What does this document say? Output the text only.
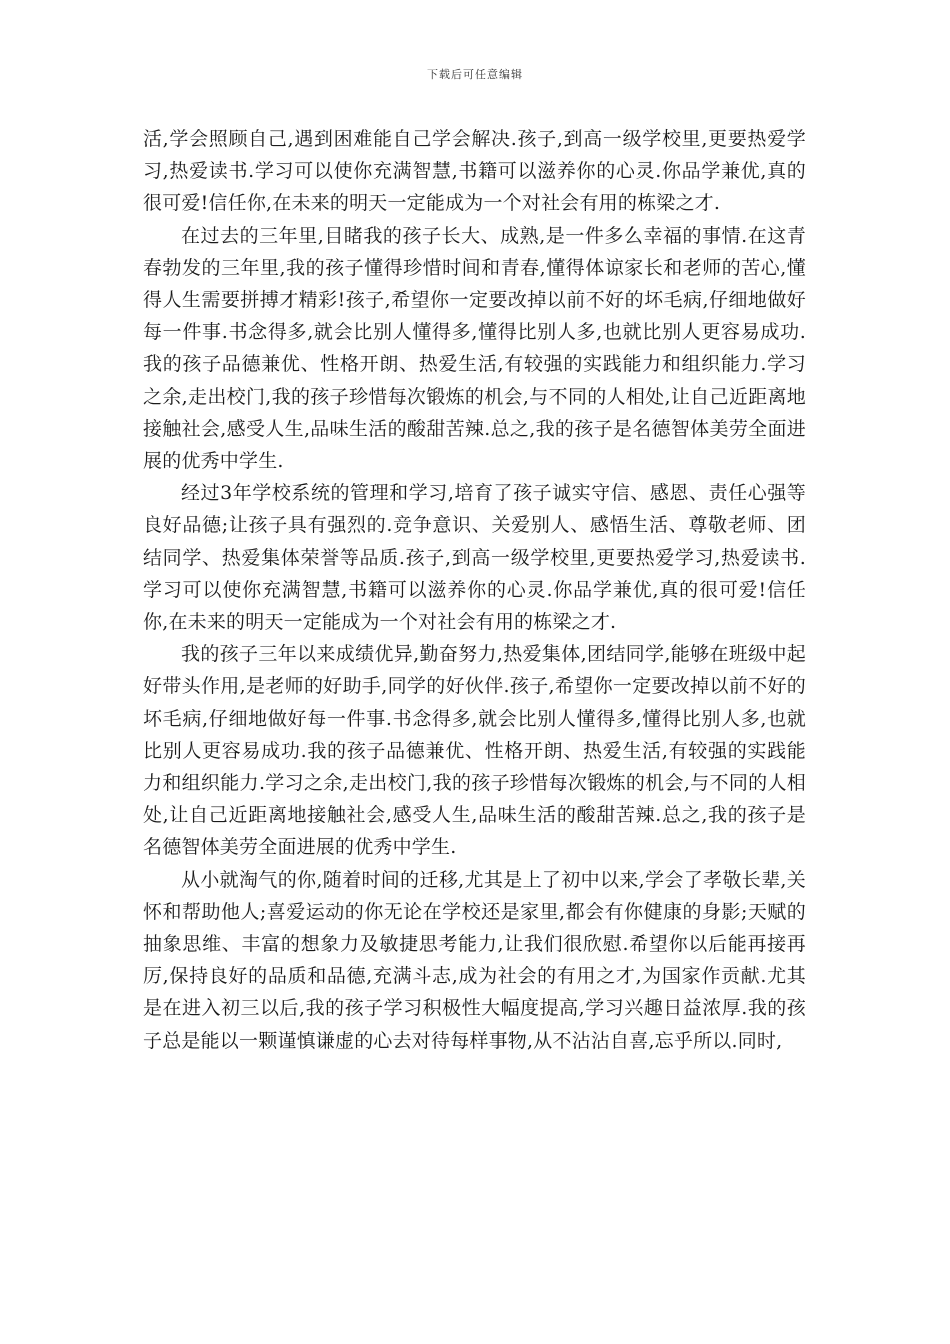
下载后可任意编辑

活,学会照顾自己,遇到困难能自己学会解决.孩子,到高一级学校里,更要热爱学习,热爱读书.学习可以使你充满智慧,书籍可以滋养你的心灵.你品学兼优,真的很可爱!信任你,在未来的明天一定能成为一个对社会有用的栋梁之才.

在过去的三年里,目睹我的孩子长大、成熟,是一件多么幸福的事情.在这青春勃发的三年里,我的孩子懂得珍惜时间和青春,懂得体谅家长和老师的苦心,懂得人生需要拼搏才精彩!孩子,希望你一定要改掉以前不好的坏毛病,仔细地做好每一件事.书念得多,就会比别人懂得多,懂得比别人多,也就比别人更容易成功.我的孩子品德兼优、性格开朗、热爱生活,有较强的实践能力和组织能力.学习之余,走出校门,我的孩子珍惜每次锻炼的机会,与不同的人相处,让自己近距离地接触社会,感受人生,品味生活的酸甜苦辣.总之,我的孩子是名德智体美劳全面进展的优秀中学生.

经过3年学校系统的管理和学习,培育了孩子诚实守信、感恩、责任心强等良好品德;让孩子具有强烈的.竞争意识、关爱别人、感悟生活、尊敬老师、团结同学、热爱集体荣誉等品质.孩子,到高一级学校里,更要热爱学习,热爱读书.学习可以使你充满智慧,书籍可以滋养你的心灵.你品学兼优,真的很可爱!信任你,在未来的明天一定能成为一个对社会有用的栋梁之才.

我的孩子三年以来成绩优异,勤奋努力,热爱集体,团结同学,能够在班级中起好带头作用,是老师的好助手,同学的好伙伴.孩子,希望你一定要改掉以前不好的坏毛病,仔细地做好每一件事.书念得多,就会比别人懂得多,懂得比别人多,也就比别人更容易成功.我的孩子品德兼优、性格开朗、热爱生活,有较强的实践能力和组织能力.学习之余,走出校门,我的孩子珍惜每次锻炼的机会,与不同的人相处,让自己近距离地接触社会,感受人生,品味生活的酸甜苦辣.总之,我的孩子是名德智体美劳全面进展的优秀中学生.

从小就淘气的你,随着时间的迁移,尤其是上了初中以来,学会了孝敬长辈,关怀和帮助他人;喜爱运动的你无论在学校还是家里,都会有你健康的身影;天赋的抽象思维、丰富的想象力及敏捷思考能力,让我们很欣慰.希望你以后能再接再厉,保持良好的品质和品德,充满斗志,成为社会的有用之才,为国家作贡献.尤其是在进入初三以后,我的孩子学习积极性大幅度提高,学习兴趣日益浓厚.我的孩子总是能以一颗谨慎谦虚的心去对待每样事物,从不沾沾自喜,忘乎所以.同时,
